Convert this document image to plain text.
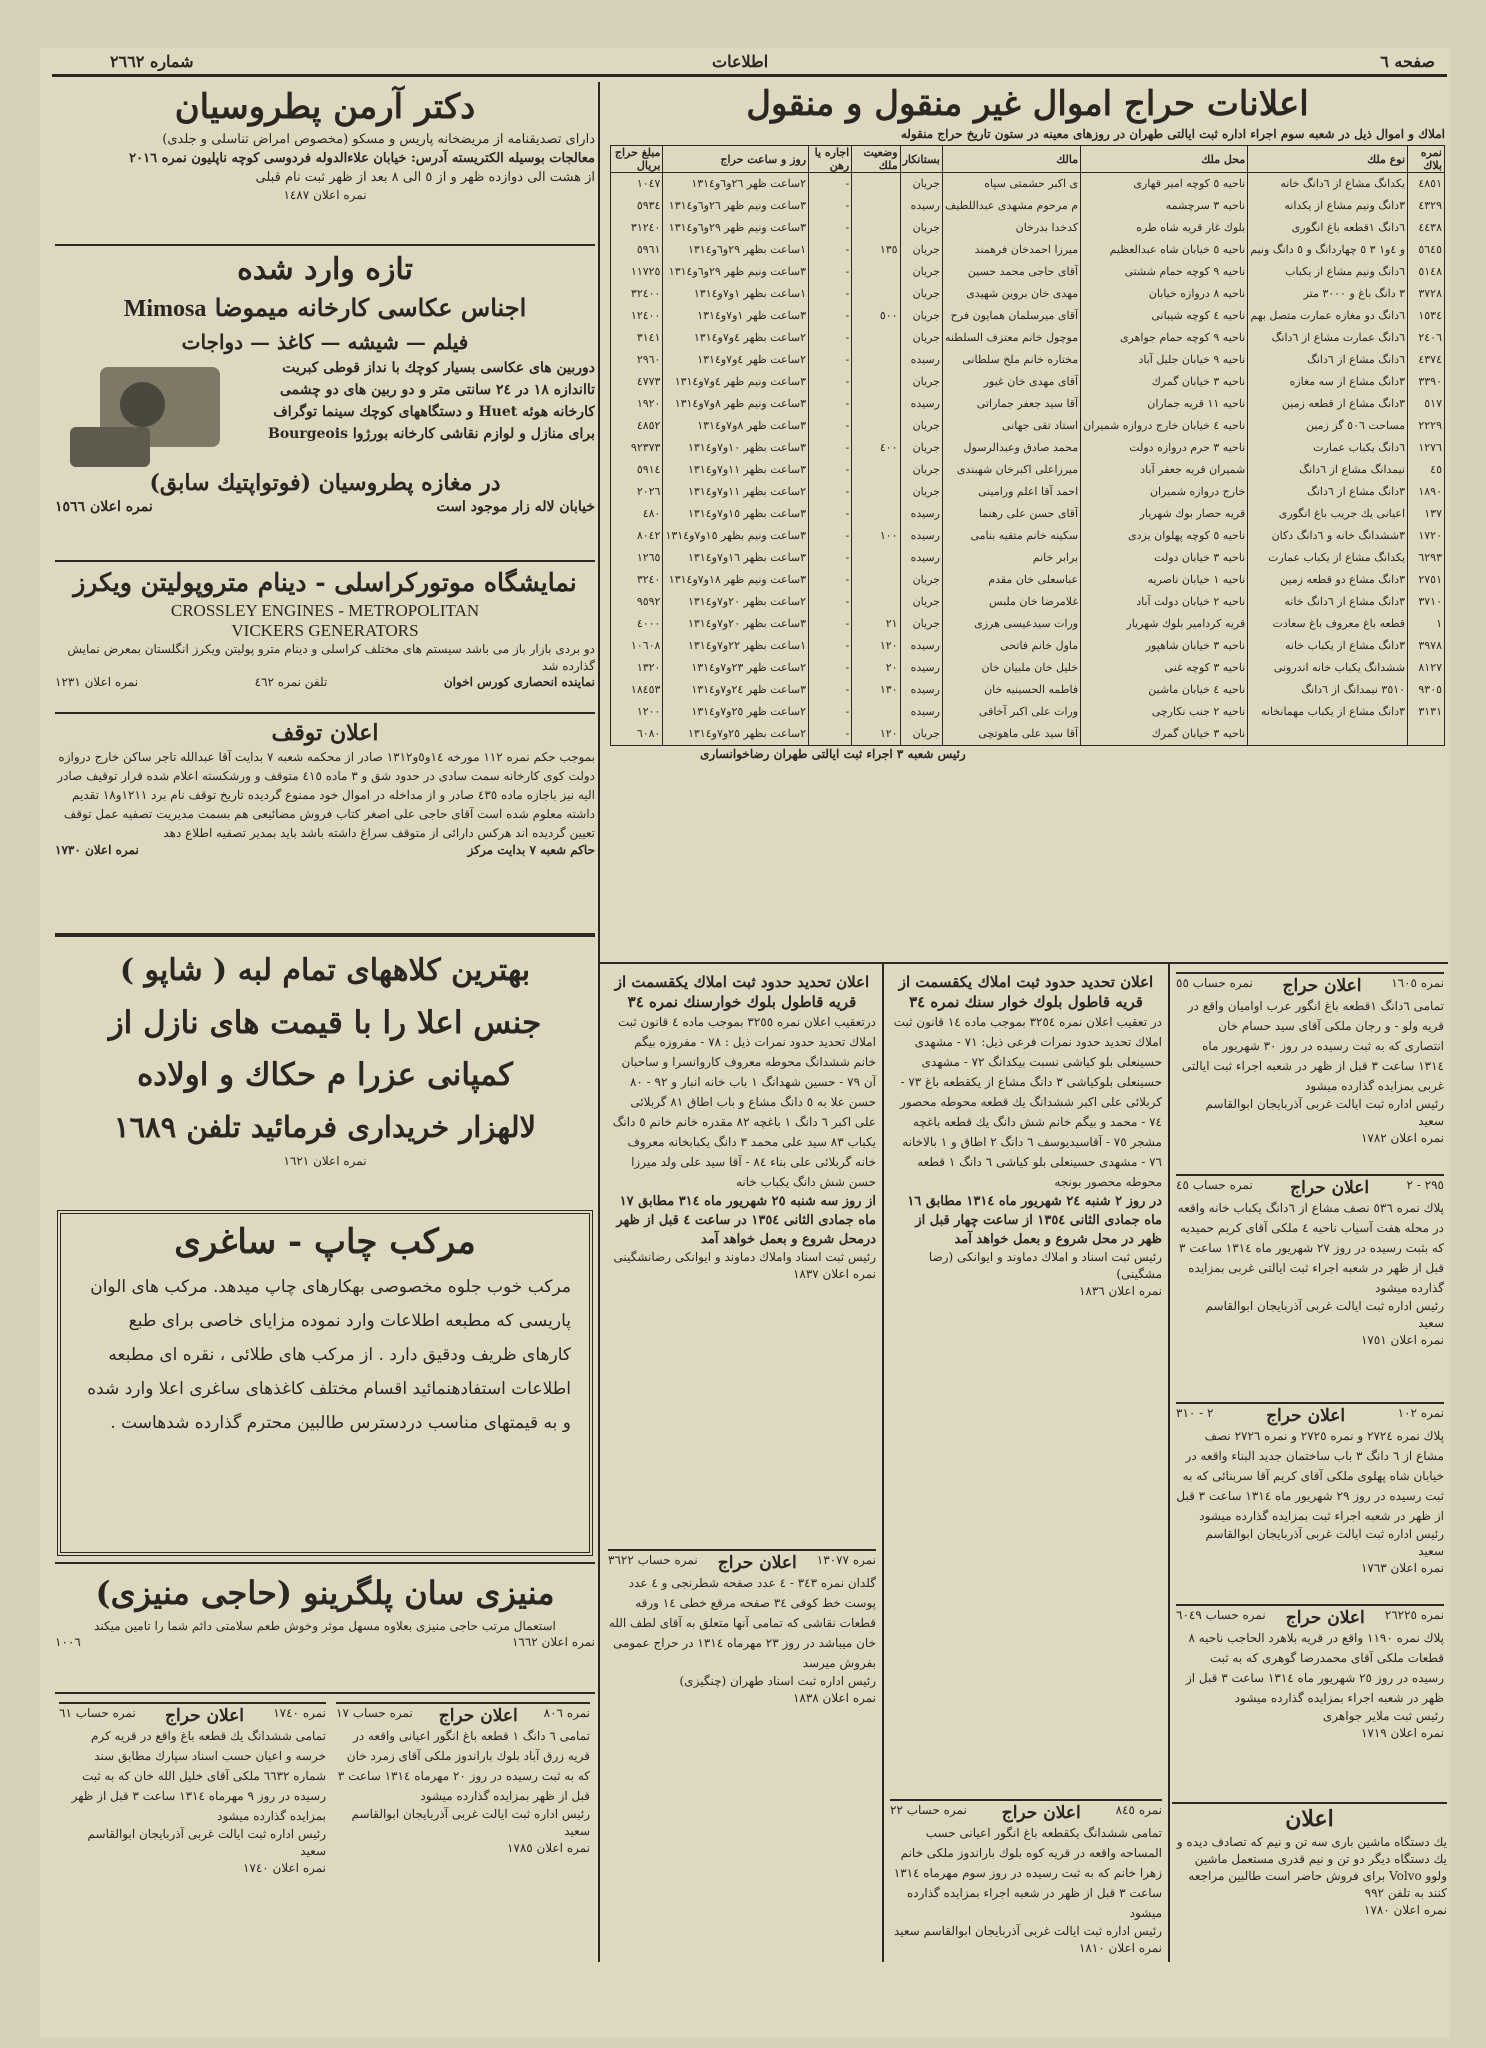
صفحه ٦
اطلاعات
شماره ٢٦٦٢
اعلانات حراج اموال غیر منقول و منقول
املاك و اموال ذیل در شعبه سوم اجراء اداره ثبت ایالتی طهران در روزهای معینه در ستون تاریخ حراج منقوله
نمره بلاك	نوع ملك	محل ملك	مالك	بستانكار	وضعیت ملك	اجاره یا رهن	روز و ساعت حراج	مبلغ حراج بریال
٤٨٥١	یکدانگ مشاع از ٦دانگ خانه	ناحیه ٥ کوچه امیر قهاری	ی اکبر حشمتی سپاه	جریان		-	٢ساعت ظهر ٢٦و٦و١٣١٤	١٠٤٧
٤٣٢٩	٣دانگ ونیم مشاع از یکدانه	ناحیه ٣ سرچشمه	م مرحوم مشهدی عبداللطیف	رسیده		-	٣ساعت ونیم ظهر ٢٦و٦و١٣١٤	٥٩٣٤
٤٤٣٨	٦دانگ ١قطعه باغ انگوری	بلوك غار قریه شاه طره	کدخدا بدرخان	جریان		-	٣ساعت ونیم ظهر ٢٩و٦و١٣١٤	٣١٢٤٠
٥٦٤٥	و ٤و١ ٣ ٥ چهاردانگ و ٥ دانگ ونیم	ناحیه ٥ خیابان شاه عبدالعظیم	میرزا احمدخان فرهمند	جریان	١٣٥	-	١ساعت بظهر ٢٩و٦و١٣١٤	٥٩٦١
٥١٤٨	٦دانگ ونیم مشاع از یکباب	ناحیه ٩ کوچه حمام ششتی	آقای حاجی محمد حسین	جریان		-	٣ساعت ونیم ظهر ٢٩و٦و١٣١٤	١١٧٢٥
٣٧٢٨	٣ دانگ باغ و ٣٠٠٠ متر	ناحیه ٨ دروازه خیابان	مهدی خان بروین شهیدی	جریان		-	١ساعت بظهر ١و٧و١٣١٤	٣٢٤٠٠
١٥٣٤	٦دانگ دو مغازه عمارت متصل بهم	ناحیه ٤ کوچه شیبانی	آقای میرسلمان همایون فرح	جریان	٥٠٠	-	٣ساعت ظهر ١و٧و١٣١٤	١٢٤٠٠
٢٤٠٦	٦دانگ عمارت مشاع از ٦دانگ	ناحیه ٩ کوچه حمام جواهری	موچول خانم معتزف السلطنه	جریان		-	٢ساعت بظهر ٤و٧و١٣١٤	٣١٤١
٤٣٧٤	٦دانگ مشاع از ٦دانگ	ناحیه ٩ خیابان جلیل آباد	مختاره خانم ملخ سلطانی	رسیده		-	٢ساعت ظهر ٤و٧و١٣١٤	٢٩٦٠
٣٣٩٠	٣دانگ مشاع از سه مغازه	ناحیه ٣ خیابان گمرك	آقای مهدی خان غیور	جریان		-	٣ساعت ونیم ظهر ٤و٧و١٣١٤	٤٧٧٣
٥١٧	٣دانگ مشاع از قطعه زمین	ناحیه ١١ قریه جماران	آقا سید جعفر جماراتی	رسیده		-	٣ساعت ونیم ظهر ٨و٧و١٣١٤	١٩٢٠
٢٢٢٩	مساحت ٥٠٦ گز زمین	ناحیه ٤ خیابان خارج دروازه شمیران	استاد تقی جهانی	جریان		-	٣ساعت ظهر ٨و٧و١٣١٤	٤٨٥٢
١٢٧٦	٦دانگ یکباب عمارت	ناحیه ٣ حرم دروازه دولت	محمد صادق وعبدالرسول	جریان	٤٠٠	-	٣ساعت بظهر ١٠و٧و١٣١٤	٩٢٣٧٣
٤٥	نیمدانگ مشاع از ٦دانگ	شمیران قریه جعفر آباد	میرزاعلی اکبرخان شهبندی	جریان		-	٣ساعت بظهر ١١و٧و١٣١٤	٥٩١٤
١٨٩٠	٣دانگ مشاع از ٦دانگ	خارج دروازه شمیران	احمد آقا اعلم ورامینی	جریان		-	٢ساعت بظهر ١١و٧و١٣١٤	٢٠٢٦
١٣٧	اعیانی یك جریب باغ انگوری	قریه حصار بوك شهریار	آقای حسن علی رهنما	رسیده		-	٣ساعت بظهر ١٥و٧و١٣١٤	٤٨٠
١٧٢٠	٣ششدانگ خانه و ٦دانگ دکان	ناحیه ٥ کوچه پهلوان یزدی	سکینه خانم متقیه بنامی	رسیده	١٠٠	-	٣ساعت ونیم بظهر ١٥و٧و١٣١٤	٨٠٤٢
٦٢٩٣	یکدانگ مشاع از یکباب عمارت	ناحیه ٣ خیابان دولت	برابر خانم	رسیده		-	٣ساعت بظهر ١٦و٧و١٣١٤	١٢٦٥
٢٧٥١	٣دانگ مشاع دو قطعه زمین	ناحیه ١ خیابان ناصریه	عباسعلی خان مقدم	جریان		-	٣ساعت ونیم ظهر ١٨و٧و١٣١٤	٣٢٤٠
٣٧١٠	٣دانگ مشاع از ٦دانگ خانه	ناحیه ٢ خیابان دولت آباد	غلامرضا خان ملبس	جریان		-	٢ساعت بظهر ٢٠و٧و١٣١٤	٩٥٩٢
١	قطعه باغ معروف باغ سعادت	قریه کردامیر بلوك شهریار	ورات سیدعیسی هرزی	جریان	٢١	-	٣ساعت بظهر ٢٠و٧و١٣١٤	٤٠٠٠
٣٩٧٨	٣دانگ مشاع از یکباب خانه	ناحیه ٣ خیابان شاهپور	ماول خانم فاتحی	رسیده	١٢٠	-	١ساعت بظهر ٢٢و٧و١٣١٤	١٠٦٠٨
٨١٢٧	ششدانگ یکباب خانه اندرونی	ناحیه ٣ کوچه غنی	خلیل خان ملبیان خان	رسیده	٢٠	-	٢ساعت ظهر ٢٣و٧و١٣١٤	١٣٢٠
٩٣٠٥	٣٥١٠ نیمدانگ از ٦دانگ	ناحیه ٤ خیابان ماشین	فاطمه الحسینیه خان	رسیده	١٣٠	-	٣ساعت ظهر ٢٤و٧و١٣١٤	١٨٤٥٣
٣١٣١	٣دانگ مشاع از یکباب مهمانخانه	ناحیه ٢ جنب نکارچی	ورات علی اکبر آخاقی	رسیده		-	٢ساعت ظهر ٢٥و٧و١٣١٤	١٢٠٠
		ناحیه ٣ خیابان گمرك	آقا سید علی ماهوتچی	جریان	١٢٠	-	٢ساعت بظهر ٢٥و٧و١٣١٤	٦٠٨٠
رئیس شعبه ٣ اجراء ثبت ایالتی طهران رضاخوانساری
دکتر آرمن پطروسیان
دارای تصدیقنامه از مریضخانه پاریس و مسکو (مخصوص امراض تناسلی و جلدی)
معالجات بوسیله الکتریسته آدرس: خیابان علاءالدوله فردوسی کوچه ناپلیون نمره ٢٠١٦
از هشت الی دوازده ظهر و از ٥ الی ٨ بعد از ظهر ثبت نام قبلی
نمره اعلان ١٤٨٧
تازه وارد شده
اجناس عکاسی کارخانه میموضا Mimosa
فیلم — شیشه — کاغذ — دواجات
دوربین های عکاسی بسیار کوچك با نداز قوطی کبریت تااندازه ١٨ در ٢٤ سانتی متر و دو ربین های دو چشمی کارخانه هوئه Huet و دستگاههای کوچك سینما توگراف برای منازل و لوازم نقاشی کارخانه بورژوا Bourgeois
در مغازه پطروسیان (فوتواپتیك سابق)
خیابان لاله زار موجود است
نمره اعلان ١٥٦٦
نمایشگاه موتورکراسلی - دینام متروپولیتن ویکرز
CROSSLEY ENGINES - METROPOLITAN
VICKERS GENERATORS
دو بردی بازار باز می باشد سیستم های مختلف کراسلی و دینام مترو پولیتن ویکرز انگلستان بمعرض نمایش گذارده شد
نماینده انحصاری کورس اخوان
تلفن نمره ٤٦٢
نمره اعلان ١٢٣١
اعلان توقف
بموجب حکم نمره ١١٢ مورخه ١٤و٥و١٣١٢ صادر از محکمه شعبه ٧ بدایت آقا عبدالله تاجر ساکن خارج دروازه دولت کوی کارخانه سمت سادی در حدود شق و ٣ ماده ٤١٥ متوقف و ورشکسته اعلام شده قرار توقیف صادر الیه نیز باجازه ماده ٤٣٥ صادر و از مداخله در اموال خود ممنوع گردیده تاریخ توقف نام برد ١٢١١و١٨ تقدیم داشته معلوم شده است آقای حاجی علی اصغر کتاب فروش مضائیعی هم بسمت مدیریت تصفیه عمل توقف تعیین گردیده اند هرکس دارائی از متوقف سراغ داشته باشد باید بمدیر تصفیه اطلاع دهد
حاکم شعبه ٧ بدایت مرکز
نمره اعلان ١٧٣٠
بهترین کلاههای تمام لبه ( شاپو )
جنس اعلا را با قیمت های نازل از
کمپانی عزرا م حکاك و اولاده
لالهزار خریداری فرمائید تلفن ١٦٨٩
نمره اعلان ١٦٢١
مرکب چاپ - ساغری
مرکب خوب جلوه مخصوصی بهکارهای چاپ میدهد. مرکب های الوان پاریسی که مطبعه اطلاعات وارد نموده مزایای خاصی برای طبع کارهای ظریف ودقیق دارد . از مرکب های طلائی ، نقره ای مطبعه اطلاعات استفادهنمائید اقسام مختلف کاغذهای ساغری اعلا وارد شده و به قیمتهای مناسب دردسترس طالبین محترم گذارده شدهاست .
منیزی سان پلگرینو (حاجی منیزی)
استعمال مرتب حاجی منیزی بعلاوه مسهل موثر وخوش طعم سلامتی دائم شما را تامین میکند
نمره اعلان ١٦٦٢
١٠٠٦
اعلان تحدید حدود ثبت املاك یکقسمت از قریه قاطول بلوك خوارسنك نمره ٣٤
درتعقیب اعلان نمره ٣٢٥٥ بموجب ماده ٤ قانون ثبت املاك تحدید حدود نمرات ذیل : ٧٨ - مفروزه بیگم خانم ششدانگ محوطه معروف کاروانسرا و ساحبان آن ٧٩ - حسین شهدانگ ١ باب خانه انبار و ٩٢ - ٨٠ حسن علا به ٥ دانگ مشاع و باب اطاق ٨١ گربلائی علی اکبر ٦ دانگ ١ باغچه ٨٢ مقدره خانم خانم ٥ دانگ یکباب ٨٣ سید علی محمد ٣ دانگ یکبابخانه معروف خانه گربلائی علی بناء ٨٤ - آقا سید علی ولد میرزا حسن شش دانگ یکباب خانه
از روز سه شنبه ٢٥ شهریور ماه ٣١٤ مطابق ١٧ ماه جمادی الثانی ١٣٥٤ در ساعت ٤ قبل از ظهر درمحل شروع و بعمل خواهد آمد
رئیس ثبت اسناد واملاك دماوند و ایوانکی رضانشگینی
نمره اعلان ١٨٣٧
اعلان تحدید حدود ثبت املاك یکقسمت از قریه قاطول بلوك خوار سنك نمره ٣٤
در تعقیب اعلان نمره ٣٢٥٤ بموجب ماده ١٤ قانون ثبت املاك تحدید حدود نمرات فرعی ذیل: ٧١ - مشهدی حسینعلی بلو کیاشی نسبت بیکدانگ ٧٢ - مشهدی حسینعلی بلوکیاشی ٣ دانگ مشاع از یکقطعه باغ ٧٣ - کربلائی علی اکبر ششدانگ یك قطعه محوطه محصور ٧٤ - محمد و بیگم خانم شش دانگ یك قطعه باغچه مشجر ٧٥ - آقاسیدیوسف ٦ دانگ ٢ اطاق و ١ بالاخانه ٧٦ - مشهدی حسینعلی بلو کیاشی ٦ دانگ ١ قطعه محوطه محصور بونجه
در روز ٢ شنبه ٢٤ شهریور ماه ١٣١٤ مطابق ١٦ ماه جمادی الثانی ١٣٥٤ از ساعت چهار قبل از ظهر در محل شروع و بعمل خواهد آمد
رئیس ثبت اسناد و املاك دماوند و ایوانکی (رضا مشگینی)
نمره اعلان ١٨٣٦
نمره ١٦٠٥
اعلان حراج
نمره حساب ٥٥
تمامی ٦دانگ ١قطعه باغ انگور عرب اوامیان واقع در قریه ولو - و رجان ملکی آقای سید حسام خان انتصاری که به ثبت رسیده در روز ٣٠ شهریور ماه ١٣١٤ ساعت ٣ قبل از ظهر در شعبه اجراء ثبت ایالتی غربی بمزایده گذارده میشود
رئیس اداره ثبت ایالت غربی آذربایجان ابوالقاسم سعید
نمره اعلان ١٧٨٢
٢٩٥ - ٢
اعلان حراج
نمره حساب ٤٥
پلاك نمره ٥٣٦ نصف مشاع از ٦دانگ یکباب خانه واقعه در محله هفت آسیاب ناحیه ٤ ملکی آقای کریم حمیدیه که بثبت رسیده در روز ٢٧ شهریور ماه ١٣١٤ ساعت ٣ قبل از ظهر در شعبه اجراء ثبت ایالتی غربی بمزایده گذارده میشود
رئیس اداره ثبت ایالت غربی آذربایجان ابوالقاسم سعید
نمره اعلان ١٧٥١
نمره ١٠٢
اعلان حراج
٢ - ٣١٠
پلاك نمره ٢٧٢٤ و نمره ٢٧٢٥ و نمره ٢٧٢٦ نصف مشاع از ٦ دانگ ٣ باب ساختمان جدید البناء واقعه در خیابان شاه پهلوی ملکی آقای کریم آقا سربنائی که به ثبت رسیده در روز ٢٩ شهریور ماه ١٣١٤ ساعت ٣ قبل از ظهر در شعبه اجراء ثبت بمزایده گذارده میشود
رئیس اداره ثبت ایالت غربی آذربایجان ابوالقاسم سعید
نمره اعلان ١٧٦٣
نمره ٢٦٢٢٥
اعلان حراج
نمره حساب ٦٠٤٩
پلاك نمره ١١٩٠ واقع در قریه بلاهرد الحاجب ناحیه ٨ قطعات ملکی آقای محمدرضا گوهری که به ثبت رسیده در روز ٢٥ شهریور ماه ١٣١٤ ساعت ٣ قبل از ظهر در شعبه اجراء بمزایده گذارده میشود
رئیس ثبت ملایر جواهری
نمره اعلان ١٧١٩
اعلان
یك دستگاه ماشین باری سه تن و نیم که تصادف دیده و یك دستگاه دیگر دو تن و نیم قدری مستعمل ماشین ولوو Volvo برای فروش حاضر است طالبین مراجعه کنند به تلفن ٩٩٢
نمره اعلان ١٧٨٠
نمره ١٧٤٠
اعلان حراج
نمره حساب ٦١
تمامی ششدانگ یك قطعه باغ واقع در قریه کرم خرسه و اعیان حسب اسناد سپارك مطابق سند شماره ٦٦٣٢ ملکی آقای خلیل الله خان که به ثبت رسیده در روز ٩ مهرماه ١٣١٤ ساعت ٣ قبل از ظهر بمزایده گذارده میشود
رئیس اداره ثبت ایالت غربی آذربایجان ابوالقاسم سعید
نمره اعلان ١٧٤٠
نمره ٨٠٦
اعلان حراج
نمره حساب ١٧
تمامی ٦ دانگ ١ قطعه باغ انگور اعیانی واقعه در قریه زرق آباد بلوك باراندوز ملکی آقای زمرد خان که به ثبت رسیده در روز ٢٠ مهرماه ١٣١٤ ساعت ٣ قبل از ظهر بمزایده گذارده میشود
رئیس اداره ثبت ایالت غربی آذربایجان ابوالقاسم سعید
نمره اعلان ١٧٨٥
نمره ١٣٠٧٧
اعلان حراج
نمره حساب ٣٦٢٢
گلدان نمره ٣٤٣ - ٤ عدد صفحه شطرنجی و ٤ عدد پوست خط کوفی ٣٤ صفحه مرقع خطی ١٤ ورقه قطعات نقاشی که تمامی آنها متعلق به آقای لطف الله خان میباشد در روز ٢٣ مهرماه ١٣١٤ در حراج عمومی بفروش میرسد
رئیس اداره ثبت اسناد طهران (چنگیزی)
نمره اعلان ١٨٣٨
نمره ٨٤٥
اعلان حراج
نمره حساب ٢٢
تمامی ششدانگ یکقطعه باغ انگور اعیانی حسب المساحه واقعه در قریه کوه بلوك باراندوز ملکی خانم زهرا خانم که به ثبت رسیده در روز سوم مهرماه ١٣١٤ ساعت ٣ قبل از ظهر در شعبه اجراء بمزایده گذارده میشود
رئیس اداره ثبت ایالت غربی آذربایجان ابوالقاسم سعید
نمره اعلان ١٨١٠
